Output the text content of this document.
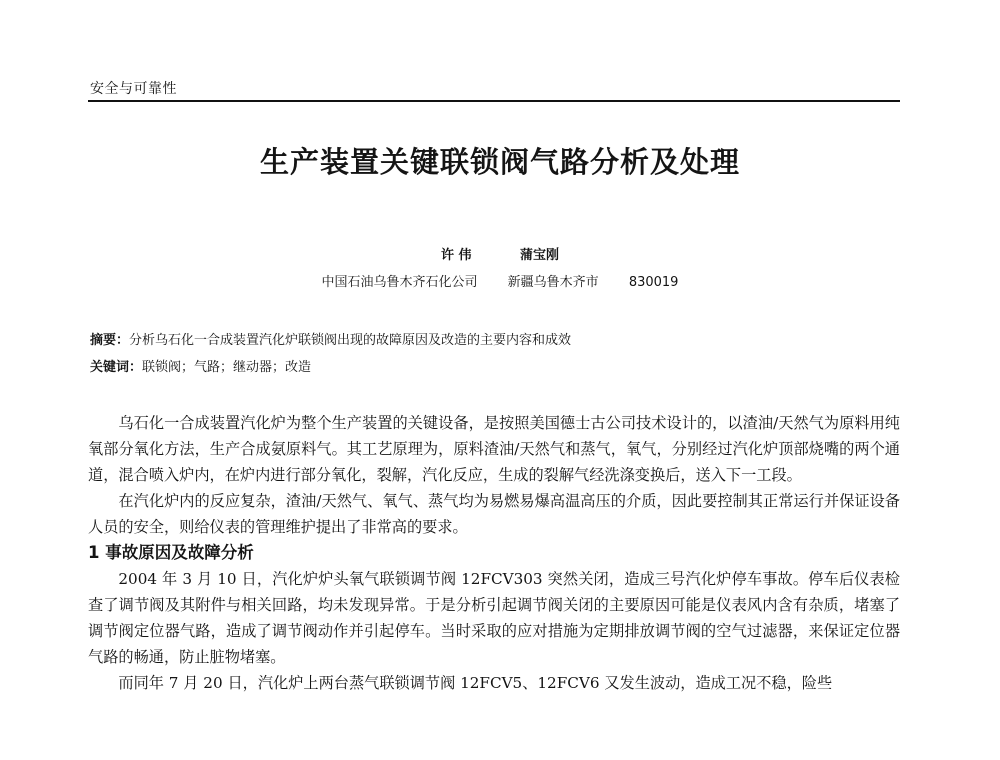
安全与可靠性
生产装置关键联锁阀气路分析及处理
许 伟	蒲宝刚
中国石油乌鲁木齐石化公司 新疆乌鲁木齐市 830019
摘要：分析乌石化一合成装置汽化炉联锁阀出现的故障原因及改造的主要内容和成效
关键词：联锁阀；气路；继动器；改造

乌石化一合成装置汽化炉为整个生产装置的关键设备，是按照美国德士古公司技术设计的，以渣油/天然气为原料用纯氧部分氧化方法，生产合成氨原料气。其工艺原理为，原料渣油/天然气和蒸气，氧气，分别经过汽化炉顶部烧嘴的两个通道，混合喷入炉内，在炉内进行部分氧化，裂解，汽化反应，生成的裂解气经洗涤变换后，送入下一工段。

在汽化炉内的反应复杂，渣油/天然气、氧气、蒸气均为易燃易爆高温高压的介质，因此要控制其正常运行并保证设备人员的安全，则给仪表的管理维护提出了非常高的要求。

1 事故原因及故障分析

2004 年 3 月 10 日，汽化炉炉头氧气联锁调节阀 12FCV303 突然关闭，造成三号汽化炉停车事故。停车后仪表检查了调节阀及其附件与相关回路，均未发现异常。于是分析引起调节阀关闭的主要原因可能是仪表风内含有杂质，堵塞了调节阀定位器气路，造成了调节阀动作并引起停车。当时采取的应对措施为定期排放调节阀的空气过滤器，来保证定位器气路的畅通，防止脏物堵塞。

而同年 7 月 20 日，汽化炉上两台蒸气联锁调节阀 12FCV5、12FCV6 又发生波动，造成工况不稳，险些
